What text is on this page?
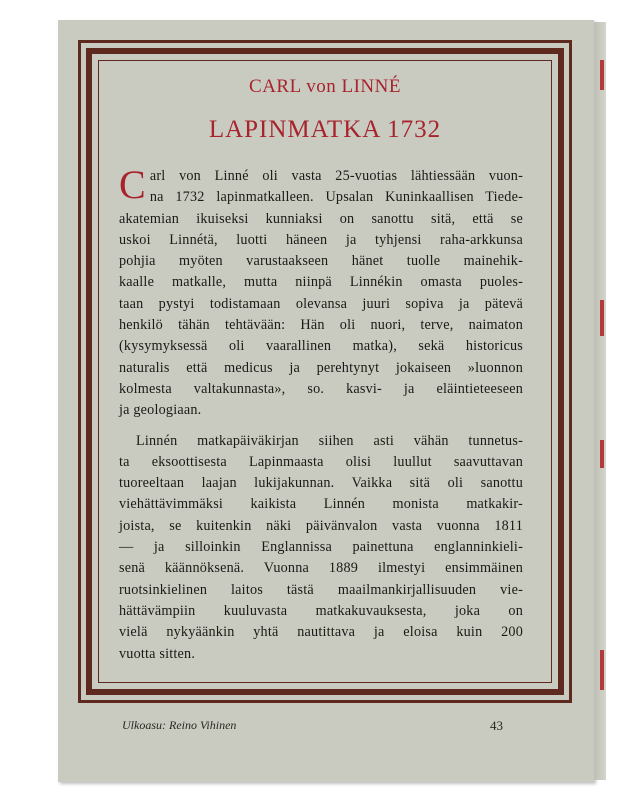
CARL von LINNÉ
LAPINMATKA 1732
C arl von Linné oli vasta 25-vuotias lähtiessään vuon-
na 1732 lapinmatkalleen. Upsalan Kuninkaallisen Tiede-
akatemian ikuiseksi kunniaksi on sanottu sitä, että se
uskoi Linnétä, luotti häneen ja tyhjensi raha-arkkunsa
pohjia myöten varustaakseen hänet tuolle mainehik-
kaalle matkalle, mutta niinpä Linnékin omasta puoles-
taan pystyi todistamaan olevansa juuri sopiva ja pätevä
henkilö tähän tehtävään: Hän oli nuori, terve, naimaton
(kysymyksessä oli vaarallinen matka), sekä historicus
naturalis että medicus ja perehtynyt jokaiseen »luonnon
kolmesta valtakunnasta», so. kasvi- ja eläintieteeseen
ja geologiaan.
Linnén matkapäiväkirjan siihen asti vähän tunnetus-
ta eksoottisesta Lapinmaasta olisi luullut saavuttavan
tuoreeltaan laajan lukijakunnan. Vaikka sitä oli sanottu
viehättävimmäksi kaikista Linnén monista matkakir-
joista, se kuitenkin näki päivänvalon vasta vuonna 1811
— ja silloinkin Englannissa painettuna englanninkieli-
senä käännöksenä. Vuonna 1889 ilmestyi ensimmäinen
ruotsinkielinen laitos tästä maailmankirjallisuuden vie-
hättävämpiin kuuluvasta matkakuvauksesta, joka on
vielä nykyäänkin yhtä nautittava ja eloisa kuin 200
vuotta sitten.
Ulkoasu: Reino Vihinen	43
